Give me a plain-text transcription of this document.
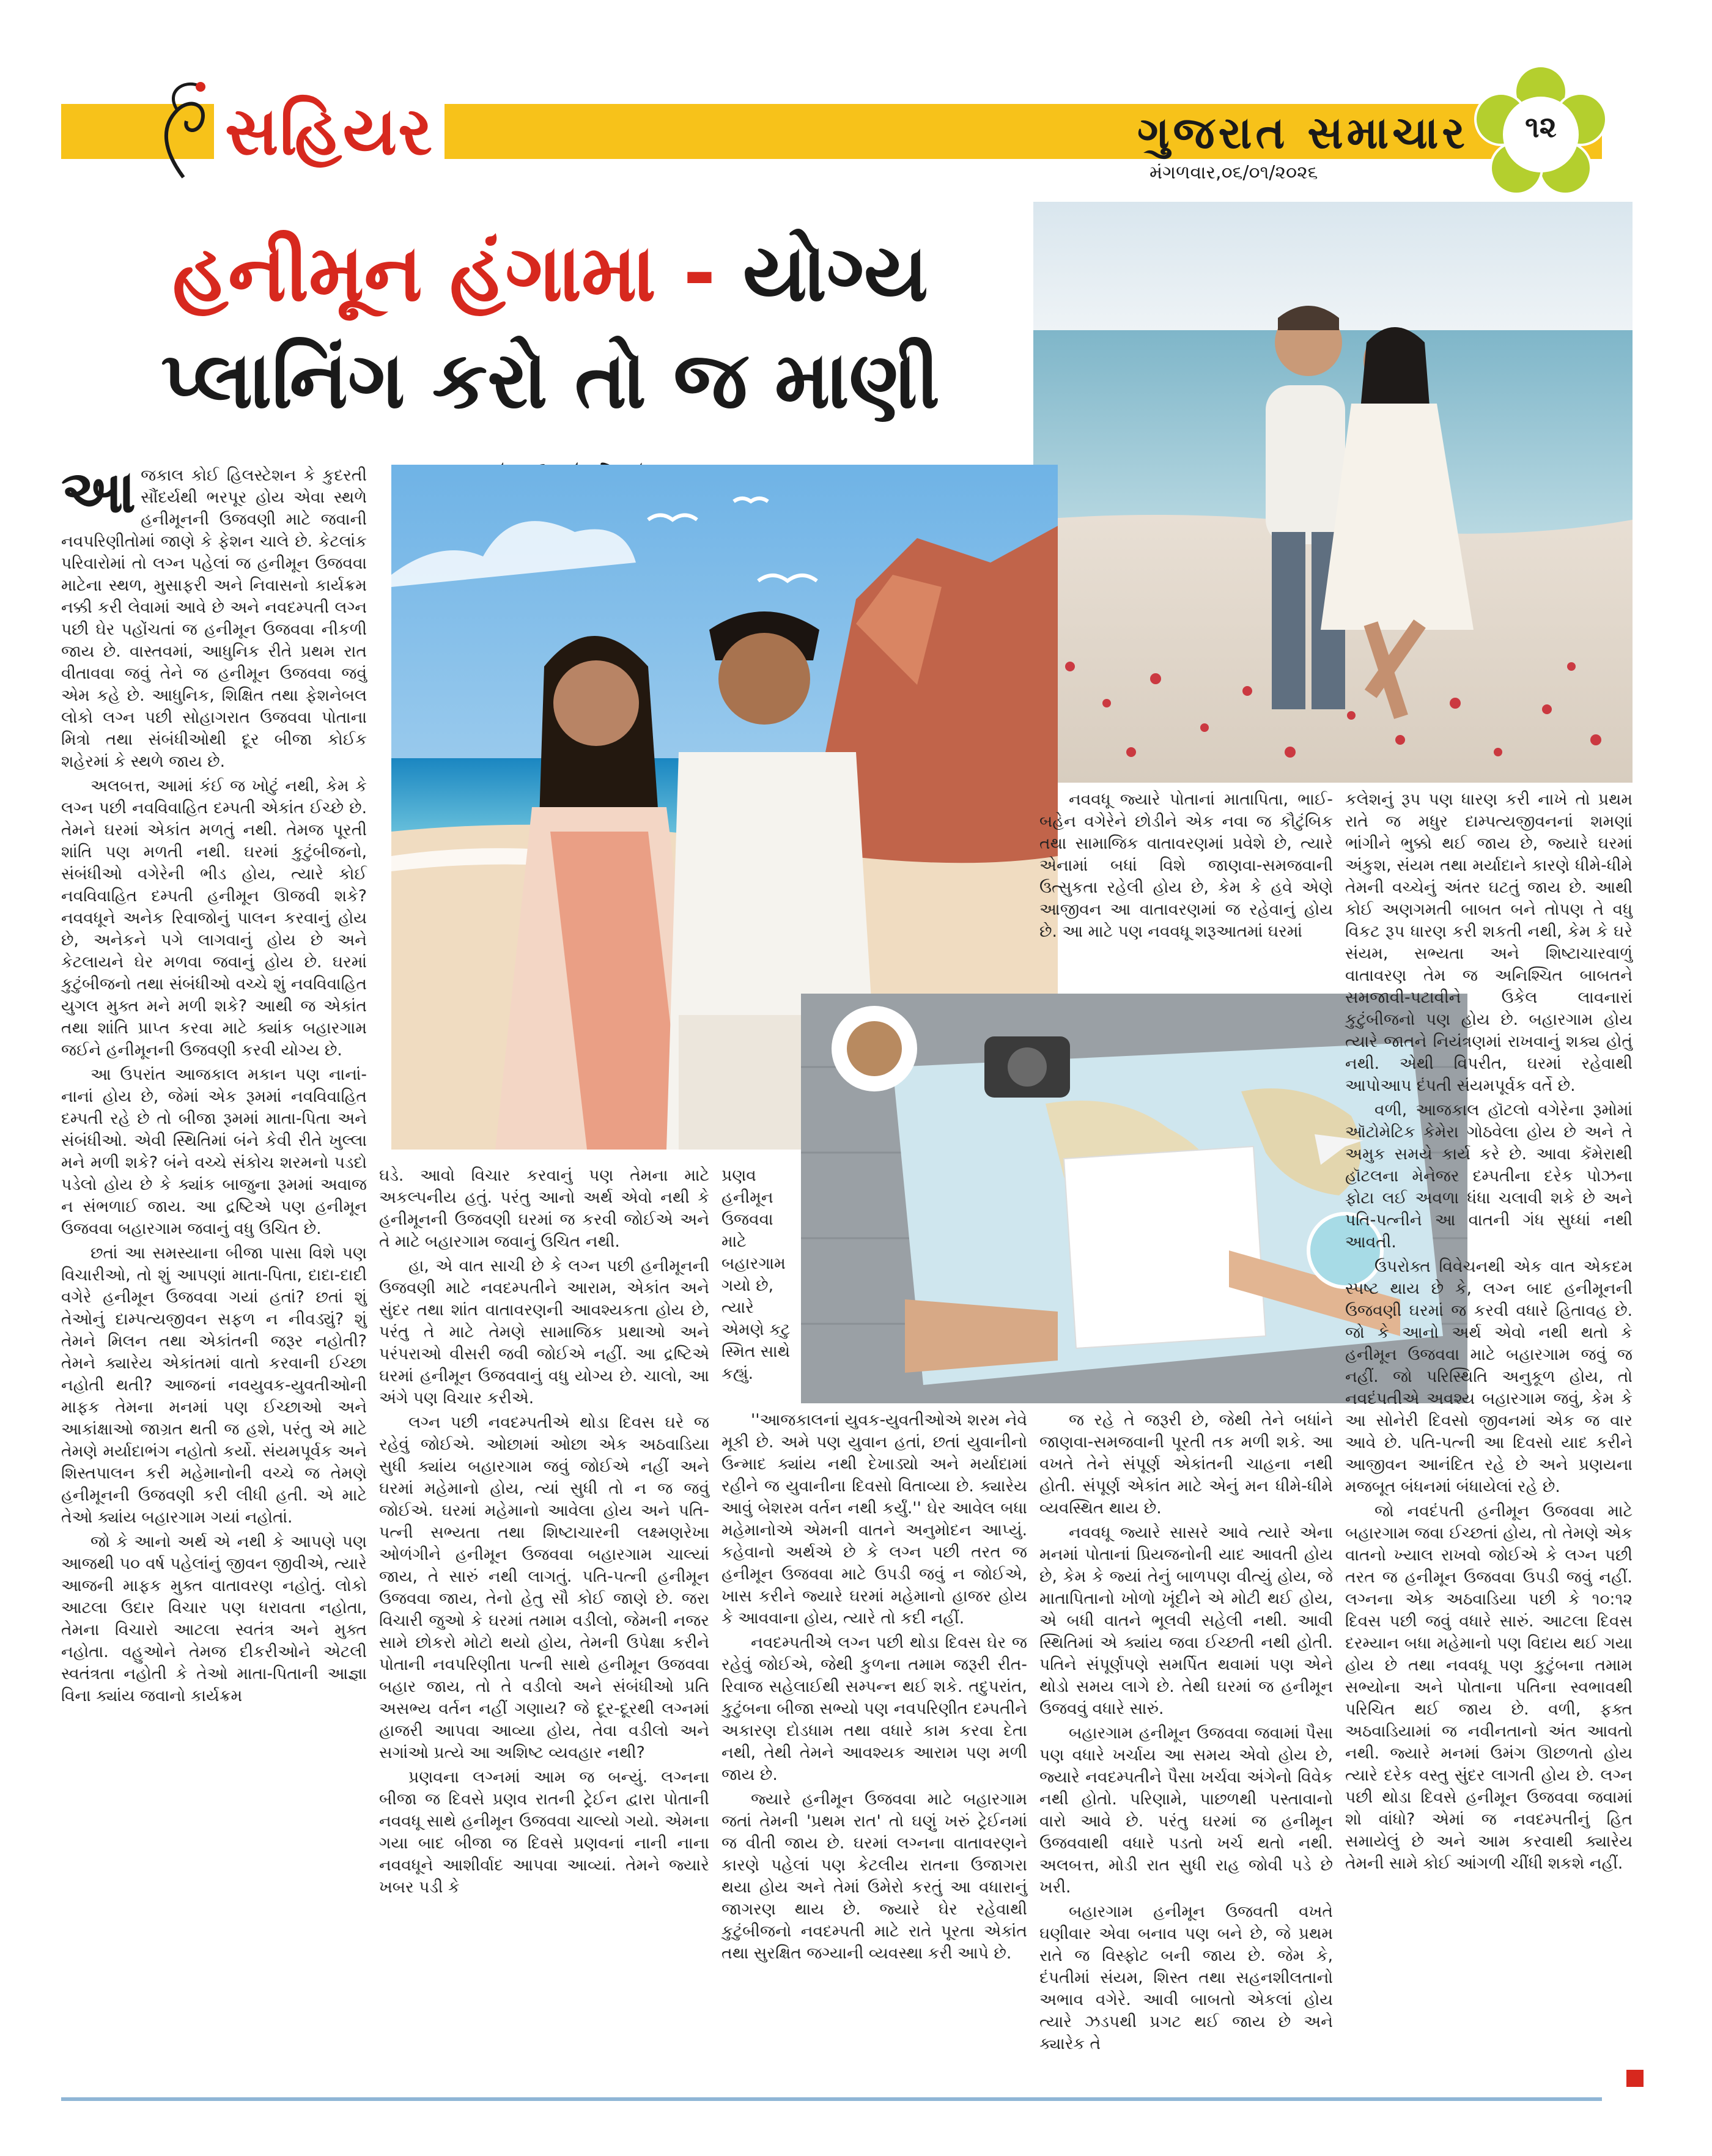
સહિયર	ગુજરાત સમાચાર
મંગળવાર,૦૬/૦૧/૨૦૨૬
૧૨
હનીમૂન હંગામા - યોગ્ય
પ્લાનિંગ કરો તો જ માણી

આજકાલ કોઈ હિલસ્ટેશન કે કુદરતી સૌંદર્યથી ભરપૂર હોય એવા સ્થળે હનીમૂનની ઉજવણી માટે જવાની નવપરિણીતોમાં જાણે કે ફેશન ચાલે છે. કેટલાંક પરિવારોમાં તો લગ્ન પહેલાં જ હનીમૂન ઉજવવા માટેના સ્થળ, મુસાફરી અને નિવાસનો કાર્યક્રમ નક્કી કરી લેવામાં આવે છે અને નવદમ્પતી લગ્ન પછી ઘેર પહોંચતાં જ હનીમૂન ઉજવવા નીકળી જાય છે. વાસ્તવમાં, આધુનિક રીતે પ્રથમ રાત વીતાવવા જવું તેને જ હનીમૂન ઉજવવા જવું એમ કહે છે. આધુનિક, શિક્ષિત તથા ફેશનેબલ લોકો લગ્ન પછી સોહાગરાત ઉજવવા પોતાના મિત્રો તથા સંબંધીઓથી દૂર બીજા કોઈક શહેરમાં કે સ્થળે જાય છે.

અલબત્ત, આમાં કંઈ જ ખોટું નથી, કેમ કે લગ્ન પછી નવવિવાહિત દમ્પતી એકાંત ઈચ્છે છે. તેમને ઘરમાં એકાંત મળતું નથી. તેમજ પૂરતી શાંતિ પણ મળતી નથી. ઘરમાં કુટુંબીજનો, સંબંધીઓ વગેરેની ભીડ હોય, ત્યારે કોઈ નવવિવાહિત દમ્પતી હનીમૂન ઊજવી શકે? નવવધૂને અનેક રિવાજોનું પાલન કરવાનું હોય છે, અનેકને પગે લાગવાનું હોય છે અને કેટલાયને ઘેર મળવા જવાનું હોય છે. ઘરમાં કુટુંબીજનો તથા સંબંધીઓ વચ્ચે શું નવવિવાહિત યુગલ મુક્ત મને મળી શકે? આથી જ એકાંત તથા શાંતિ પ્રાપ્ત કરવા માટે ક્યાંક બહારગામ જઈને હનીમૂનની ઉજવણી કરવી યોગ્ય છે.

આ ઉપરાંત આજકાલ મકાન પણ નાનાં-નાનાં હોય છે, જેમાં એક રૂમમાં નવવિવાહિત દમ્પતી રહે છે તો બીજા રૂમમાં માતા-પિતા અને સંબંધીઓ. એવી સ્થિતિમાં બંને કેવી રીતે ખુલ્લા મને મળી શકે? બંને વચ્ચે સંકોચ શરમનો પડદો પડેલો હોય છે કે ક્યાંક બાજુના રૂમમાં અવાજ ન સંભળાઈ જાય. આ દ્રષ્ટિએ પણ હનીમૂન ઉજવવા બહારગામ જવાનું વધુ ઉચિત છે.

છતાં આ સમસ્યાના બીજા પાસા વિશે પણ વિચારીઓ, તો શું આપણાં માતા-પિતા, દાદા-દાદી વગેરે હનીમૂન ઉજવવા ગયાં હતાં? છતાં શું તેઓનું દામ્પત્યજીવન સફળ ન નીવડ્યું? શું તેમને મિલન તથા એકાંતની જરૂર નહોતી? તેમને ક્યારેય એકાંતમાં વાતો કરવાની ઈચ્છા નહોતી થતી? આજનાં નવયુવક-યુવતીઓની માફક તેમના મનમાં પણ ઈચ્છાઓ અને આકાંક્ષાઓ જાગ્રત થતી જ હશે, પરંતુ એ માટે તેમણે મર્યાદાભંગ નહોતો કર્યો. સંયમપૂર્વક અને શિસ્તપાલન કરી મહેમાનોની વચ્ચે જ તેમણે હનીમૂનની ઉજવણી કરી લીધી હતી. એ માટે તેઓ ક્યાંય બહારગામ ગયાં નહોતાં.

જો કે આનો અર્થ એ નથી કે આપણે પણ આજથી ૫૦ વર્ષ પહેલાંનું જીવન જીવીએ, ત્યારે આજની માફક મુક્ત વાતાવરણ નહોતું. લોકો આટલા ઉદાર વિચાર પણ ધરાવતા નહોતા, તેમના વિચારો આટલા સ્વતંત્ર અને મુક્ત નહોતા. વહુઓને તેમજ દીકરીઓને એટલી સ્વતંત્રતા નહોતી કે તેઓ માતા-પિતાની આજ્ઞા વિના ક્યાંય જવાનો કાર્યક્રમ

ઘડે. આવો વિચાર કરવાનું પણ તેમના માટે અકલ્પનીય હતું. પરંતુ આનો અર્થ એવો નથી કે હનીમૂનની ઉજવણી ઘરમાં જ કરવી જોઈએ અને તે માટે બહારગામ જવાનું ઉચિત નથી.

હા, એ વાત સાચી છે કે લગ્ન પછી હનીમૂનની ઉજવણી માટે નવદમ્પતીને આરામ, એકાંત અને સુંદર તથા શાંત વાતાવરણની આવશ્યકતા હોય છે, પરંતુ તે માટે તેમણે સામાજિક પ્રથાઓ અને પરંપરાઓ વીસરી જવી જોઈએ નહીં. આ દ્રષ્ટિએ ઘરમાં હનીમૂન ઉજવવાનું વધુ યોગ્ય છે. ચાલો, આ અંગે પણ વિચાર કરીએ.

લગ્ન પછી નવદમ્પતીએ થોડા દિવસ ઘરે જ રહેવું જોઈએ. ઓછામાં ઓછા એક અઠવાડિયા સુધી ક્યાંય બહારગામ જવું જોઈએ નહીં અને ઘરમાં મહેમાનો હોય, ત્યાં સુધી તો ન જ જવું જોઈએ. ઘરમાં મહેમાનો આવેલા હોય અને પતિ-પત્ની સભ્યતા તથા શિષ્ટાચારની લક્ષ્મણરેખા ઓળંગીને હનીમૂન ઉજવવા બહારગામ ચાલ્યાં જાય, તે સારું નથી લાગતું. પતિ-પત્ની હનીમૂન ઉજવવા જાય, તેનો હેતુ સૌ કોઈ જાણે છે. જરા વિચારી જુઓ કે ઘરમાં તમામ વડીલો, જેમની નજર સામે છોકરો મોટો થયો હોય, તેમની ઉપેક્ષા કરીને પોતાની નવપરિણીતા પત્ની સાથે હનીમૂન ઉજવવા બહાર જાય, તો તે વડીલો અને સંબંધીઓ પ્રતિ અસભ્ય વર્તન નહીં ગણાય? જે દૂર-દૂરથી લગ્નમાં હાજરી આપવા આવ્યા હોય, તેવા વડીલો અને સગાંઓ પ્રત્યે આ અશિષ્ટ વ્યવહાર નથી?

પ્રણવના લગ્નમાં આમ જ બન્યું. લગ્નના બીજા જ દિવસે પ્રણવ રાતની ટ્રેઈન દ્વારા પોતાની નવવધૂ સાથે હનીમૂન ઉજવવા ચાલ્યો ગયો. એમના ગયા બાદ બીજા જ દિવસે પ્રણવનાં નાની નાના નવવધૂને આશીર્વાદ આપવા આવ્યાં. તેમને જ્યારે ખબર પડી કે

પ્રણવ હનીમૂન ઉજવવા માટે બહારગામ ગયો છે, ત્યારે એમણે કટુ સ્મિત સાથે કહ્યું.

''આજકાલનાં યુવક-યુવતીઓએ શરમ નેવે મૂકી છે. અમે પણ યુવાન હતાં, છતાં યુવાનીનો ઉન્માદ ક્યાંય નથી દેખાડ્યો અને મર્યાદામાં રહીને જ યુવાનીના દિવસો વિતાવ્યા છે. ક્યારેય આવું બેશરમ વર્તન નથી કર્યું.'' ઘેર આવેલ બધા મહેમાનોએ એમની વાતને અનુમોદન આપ્યું. કહેવાનો અર્થએ છે કે લગ્ન પછી તરત જ હનીમૂન ઉજવવા માટે ઉપડી જવું ન જોઈએ, ખાસ કરીને જ્યારે ઘરમાં મહેમાનો હાજર હોય કે આવવાના હોય, ત્યારે તો કદી નહીં.

નવદમ્પતીએ લગ્ન પછી થોડા દિવસ ઘેર જ રહેવું જોઈએ, જેથી કુળના તમામ જરૂરી રીત-રિવાજ સહેલાઈથી સમ્પન્ન થઈ શકે. તદુપરાંત, કુટુંબના બીજા સભ્યો પણ નવપરિણીત દમ્પતીને અકારણ દોડધામ તથા વધારે કામ કરવા દેતા નથી, તેથી તેમને આવશ્યક આરામ પણ મળી જાય છે.

જ્યારે હનીમૂન ઉજવવા માટે બહારગામ જતાં તેમની 'પ્રથમ રાત' તો ઘણું ખરું ટ્રેઈનમાં જ વીતી જાય છે. ઘરમાં લગ્નના વાતાવરણને કારણે પહેલાં પણ કેટલીય રાતના ઉજાગરા થયા હોય અને તેમાં ઉમેરો કરતું આ વધારાનું જાગરણ થાય છે. જ્યારે ઘેર રહેવાથી કુટુંબીજનો નવદમ્પતી માટે રાતે પૂરતા એકાંત તથા સુરક્ષિત જગ્યાની વ્યવસ્થા કરી આપે છે.

નવવધૂ જ્યારે પોતાનાં માતાપિતા, ભાઈ-બહેન વગેરેને છોડીને એક નવા જ કૌટુંબિક તથા સામાજિક વાતાવરણમાં પ્રવેશે છે, ત્યારે એનામાં બધાં વિશે જાણવા-સમજવાની ઉત્સુકતા રહેલી હોય છે, કેમ કે હવે એણે આજીવન આ વાતાવરણમાં જ રહેવાનું હોય છે. આ માટે પણ નવવધૂ શરૂઆતમાં ઘરમાં

જ રહે તે જરૂરી છે, જેથી તેને બધાંને જાણવા-સમજવાની પૂરતી તક મળી શકે. આ વખતે તેને સંપૂર્ણ એકાંતની ચાહના નથી હોતી. સંપૂર્ણ એકાંત માટે એનું મન ધીમે-ધીમે વ્યવસ્થિત થાય છે.

નવવધૂ જ્યારે સાસરે આવે ત્યારે એના મનમાં પોતાનાં પ્રિયજનોની યાદ આવતી હોય છે, કેમ કે જ્યાં તેનું બાળપણ વીત્યું હોય, જે માતાપિતાનો ખોળો ખૂંદીને એ મોટી થઈ હોય, એ બધી વાતને ભૂલવી સહેલી નથી. આવી સ્થિતિમાં એ ક્યાંય જવા ઈચ્છતી નથી હોતી. પતિને સંપૂર્ણપણે સમર્પિત થવામાં પણ એને થોડો સમય લાગે છે. તેથી ઘરમાં જ હનીમૂન ઉજવવું વધારે સારું.

બહારગામ હનીમૂન ઉજવવા જવામાં પૈસા પણ વધારે ખર્ચાય આ સમય એવો હોય છે, જ્યારે નવદમ્પતીને પૈસા ખર્ચવા અંગેનો વિવેક નથી હોતો. પરિણામે, પાછળથી પસ્તાવાનો વારો આવે છે. પરંતુ ઘરમાં જ હનીમૂન ઉજવવાથી વધારે પડતો ખર્ચ થતો નથી. અલબત્ત, મોડી રાત સુધી રાહ જોવી પડે છે ખરી.

બહારગામ હનીમૂન ઉજવતી વખતે ઘણીવાર એવા બનાવ પણ બને છે, જે પ્રથમ રાતે જ વિસ્ફોટ બની જાય છે. જેમ કે, દંપતીમાં સંયમ, શિસ્ત તથા સહનશીલતાનો અભાવ વગેરે. આવી બાબતો એકલાં હોય ત્યારે ઝડપથી પ્રગટ થઈ જાય છે અને ક્યારેક તે

કલેશનું રૂપ પણ ધારણ કરી નાખે તો પ્રથમ રાતે જ મધુર દામ્પત્યજીવનનાં શમણાં ભાંગીને ભુક્કો થઈ જાય છે, જ્યારે ઘરમાં અંકુશ, સંયમ તથા મર્યાદાને કારણે ધીમે-ધીમે તેમની વચ્ચેનું અંતર ઘટતું જાય છે. આથી કોઈ અણગમતી બાબત બને તોપણ તે વધુ વિકટ રૂપ ધારણ કરી શકતી નથી, કેમ કે ઘરે સંયમ, સભ્યતા અને શિષ્ટાચારવાળું વાતાવરણ તેમ જ અનિશ્ચિત બાબતને સમજાવી-પટાવીને ઉકેલ લાવનારાં કુટુંબીજનો પણ હોય છે. બહારગામ હોય ત્યારે જાતને નિયંત્રણમાં રાખવાનું શક્ય હોતું નથી. એથી વિપરીત, ઘરમાં રહેવાથી આપોઆપ દંપતી સંયમપૂર્વક વર્તે છે.

વળી, આજકાલ હૉટલો વગેરેના રૂમોમાં ઑટોમેટિક કેમેરા ગોઠવેલા હોય છે અને તે અમુક સમયે કાર્ય કરે છે. આવા કૅમેરાથી હૉટલના મેનેજર દમ્પતીના દરેક પોઝના ફોટા લઈ અવળા ધંધા ચલાવી શકે છે અને પતિ-પત્નીને આ વાતની ગંધ સુધ્ધાં નથી આવતી.

ઉપરોક્ત વિવેચનથી એક વાત એકદમ સ્પષ્ટ થાય છે કે, લગ્ન બાદ હનીમૂનની ઉજવણી ઘરમાં જ કરવી વધારે હિતાવહ છે. જો કે આનો અર્થ એવો નથી થતો કે હનીમૂન ઉજવવા માટે બહારગામ જવું જ નહીં. જો પરિસ્થિતિ અનુકૂળ હોય, તો નવદંપતીએ અવશ્ય બહારગામ જવું, કેમ કે આ સોનેરી દિવસો જીવનમાં એક જ વાર આવે છે. પતિ-પત્ની આ દિવસો યાદ કરીને આજીવન આનંદિત રહે છે અને પ્રણયના મજબૂત બંધનમાં બંધાયેલાં રહે છે.

જો નવદંપતી હનીમૂન ઉજવવા માટે બહારગામ જવા ઈચ્છતાં હોય, તો તેમણે એક વાતનો ખ્યાલ રાખવો જોઈએ કે લગ્ન પછી તરત જ હનીમૂન ઉજવવા ઉપડી જવું નહીં. લગ્નના એક અઠવાડિયા પછી કે ૧૦:૧૨ દિવસ પછી જવું વધારે સારું. આટલા દિવસ દરમ્યાન બધા મહેમાનો પણ વિદાય થઈ ગયા હોય છે તથા નવવધૂ પણ કુટુંબના તમામ સભ્યોના અને પોતાના પતિના સ્વભાવથી પરિચિત થઈ જાય છે. વળી, ફક્ત અઠવાડિયામાં જ નવીનતાનો અંત આવતો નથી. જ્યારે મનમાં ઉમંગ ઊછળતો હોય ત્યારે દરેક વસ્તુ સુંદર લાગતી હોય છે. લગ્ન પછી થોડા દિવસે હનીમૂન ઉજવવા જવામાં શો વાંધો? એમાં જ નવદમ્પતીનું હિત સમાયેલું છે અને આમ કરવાથી ક્યારેય તેમની સામે કોઈ આંગળી ચીંધી શકશે નહીં.
